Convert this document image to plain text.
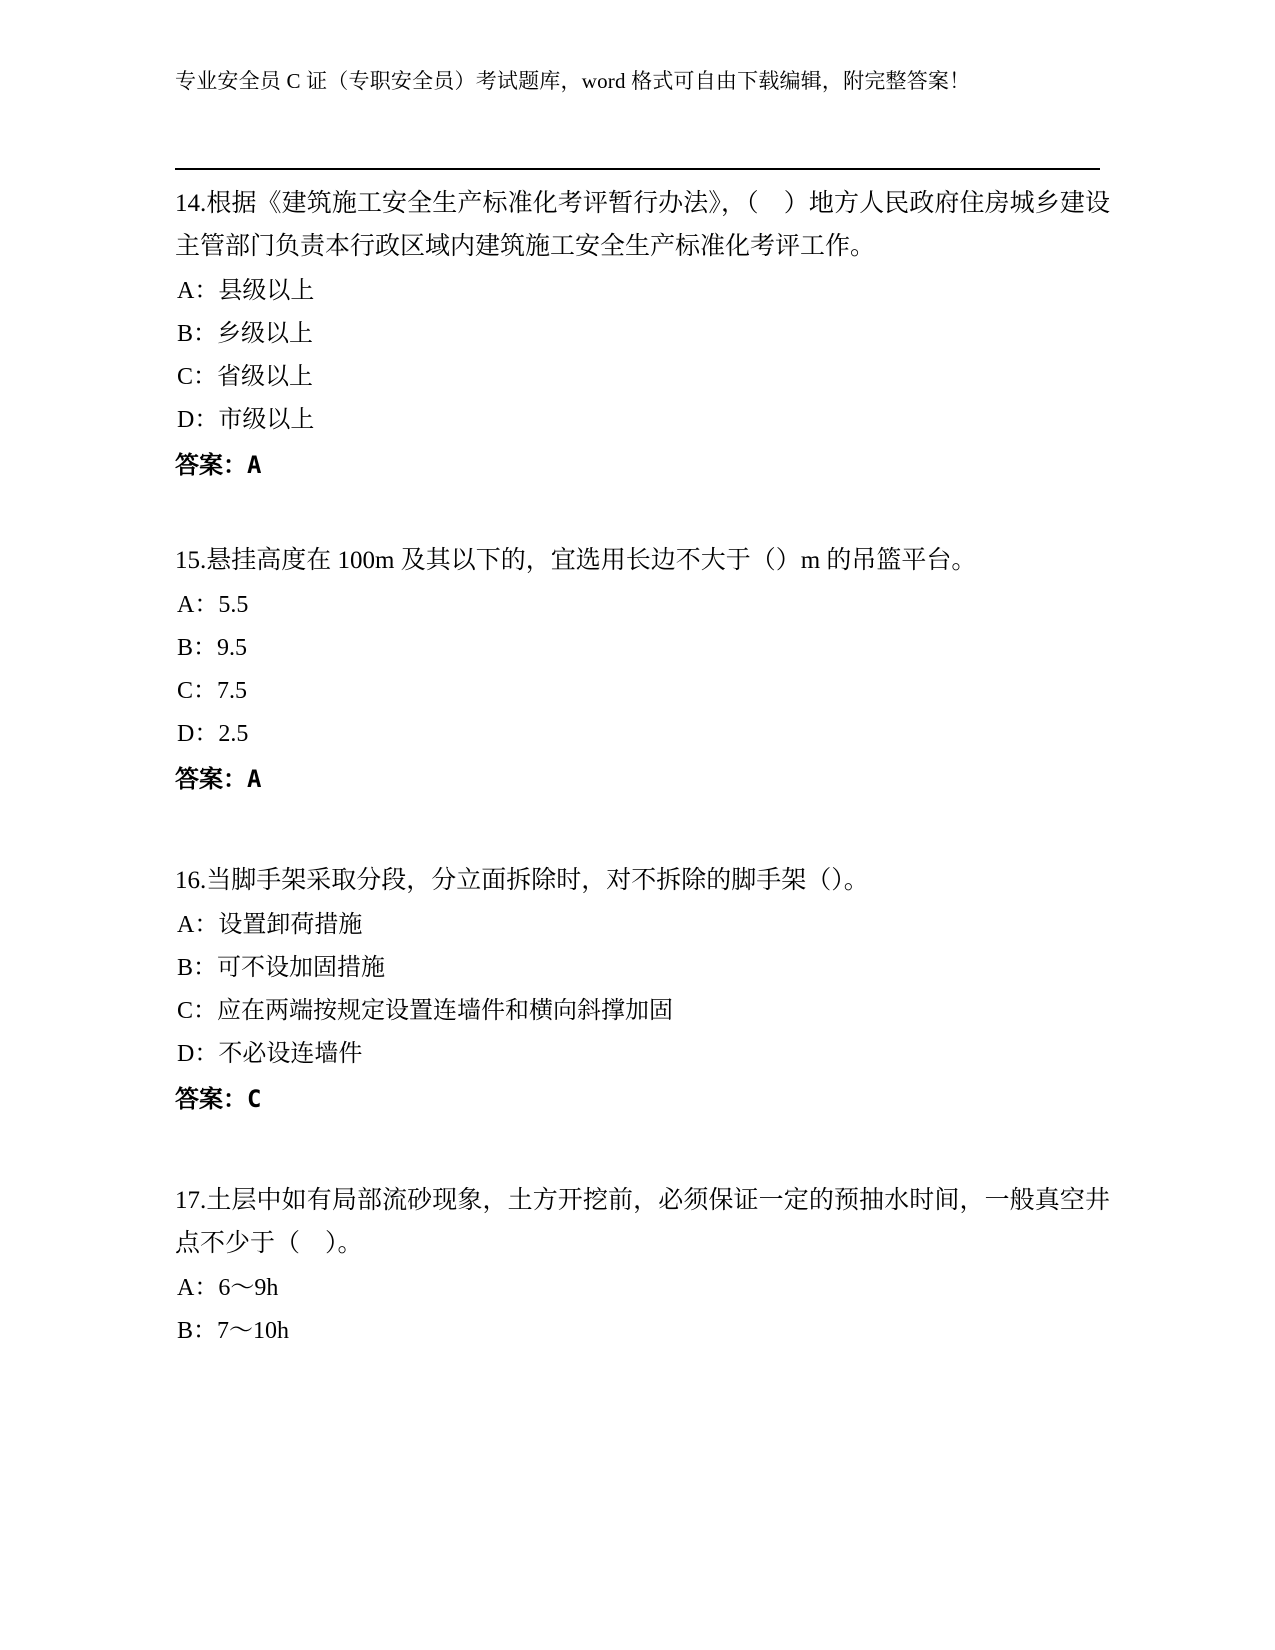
专业安全员 C 证（专职安全员）考试题库，word 格式可自由下载编辑，附完整答案！

14.根据《建筑施工安全生产标准化考评暂行办法》，（　）地方人民政府住房城乡建设主管部门负责本行政区域内建筑施工安全生产标准化考评工作。

A：县级以上

B：乡级以上

C：省级以上

D：市级以上

答案：A

15.悬挂高度在 100m 及其以下的，宜选用长边不大于（）m 的吊篮平台。

A：5.5

B：9.5

C：7.5

D：2.5

答案：A

16.当脚手架采取分段，分立面拆除时，对不拆除的脚手架（）。

A：设置卸荷措施

B：可不设加固措施

C：应在两端按规定设置连墙件和横向斜撑加固

D：不必设连墙件

答案：C

17.土层中如有局部流砂现象，土方开挖前，必须保证一定的预抽水时间，一般真空井点不少于（　）。

A：6～9h

B：7～10h
